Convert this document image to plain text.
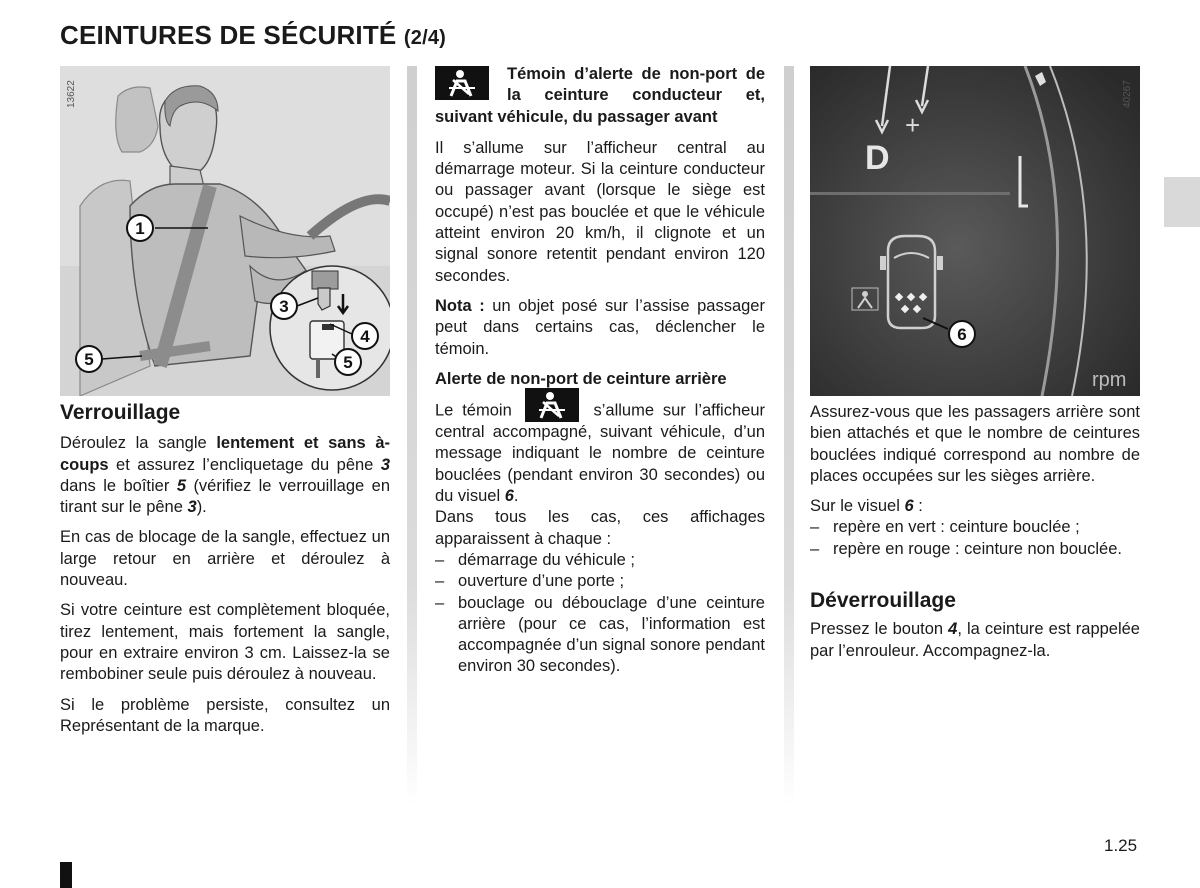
CEINTURES DE SÉCURITÉ (2/4)
1
3
4
5
5
13622
D
+
6
rpm
40267
Verrouillage

Déroulez la sangle lentement et sans à-coups et assurez l’encliquetage du pêne 3 dans le boîtier 5 (vérifiez le verrouillage en tirant sur le pêne 3).

En cas de blocage de la sangle, effectuez un large retour en arrière et déroulez à nouveau.

Si votre ceinture est complètement bloquée, tirez lentement, mais fortement la sangle, pour en extraire environ 3 cm. Laissez-la se rembobiner seule puis déroulez à nouveau.

Si le problème persiste, consultez un Représentant de la marque.

Témoin d’alerte de non-port de la ceinture conducteur et, suivant véhicule, du passager avant

Il s’allume sur l’afficheur central au démarrage moteur. Si la ceinture conducteur ou passager avant (lorsque le siège est occupé) n’est pas bouclée et que le véhicule atteint environ 20 km/h, il clignote et un signal sonore retentit pendant environ 120 secondes.

Nota : un objet posé sur l’assise passager peut dans certains cas, déclencher le témoin.

Alerte de non-port de ceinture arrière

Le témoin	s’allume sur l’afficheur central accompagné, suivant véhicule, d’un message indiquant le nombre de ceinture bouclées (pendant environ 30 secondes) ou du visuel 6.

Dans tous les cas, ces affichages apparaissent à chaque :

– démarrage du véhicule ;
– ouverture d’une porte ;
– bouclage ou débouclage d’une ceinture arrière (pour ce cas, l’information est accompagnée d’un signal sonore pendant environ 30 secondes).

Assurez-vous que les passagers arrière sont bien attachés et que le nombre de ceintures bouclées indiqué correspond au nombre de places occupées sur les sièges arrière.

Sur le visuel 6 :

– repère en vert : ceinture bouclée ;
– repère en rouge : ceinture non bouclée.
Déverrouillage

Pressez le bouton 4, la ceinture est rappelée par l’enrouleur. Accompagnez-la.

1.25
